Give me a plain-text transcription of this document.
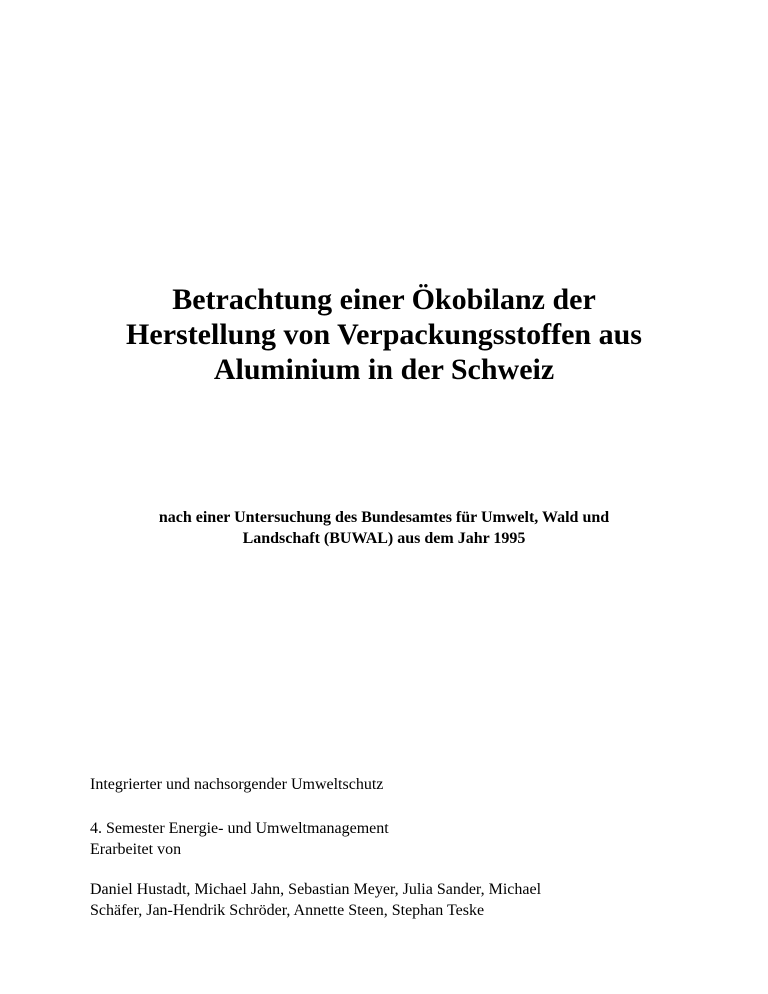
Betrachtung einer Ökobilanz der
Herstellung von Verpackungsstoffen aus
Aluminium in der Schweiz
nach einer Untersuchung des Bundesamtes für Umwelt, Wald und
Landschaft (BUWAL) aus dem Jahr 1995
Integrierter und nachsorgender Umweltschutz
4. Semester Energie- und Umweltmanagement
Erarbeitet von
Daniel Hustadt, Michael Jahn, Sebastian Meyer, Julia Sander, Michael
Schäfer, Jan-Hendrik Schröder, Annette Steen, Stephan Teske
